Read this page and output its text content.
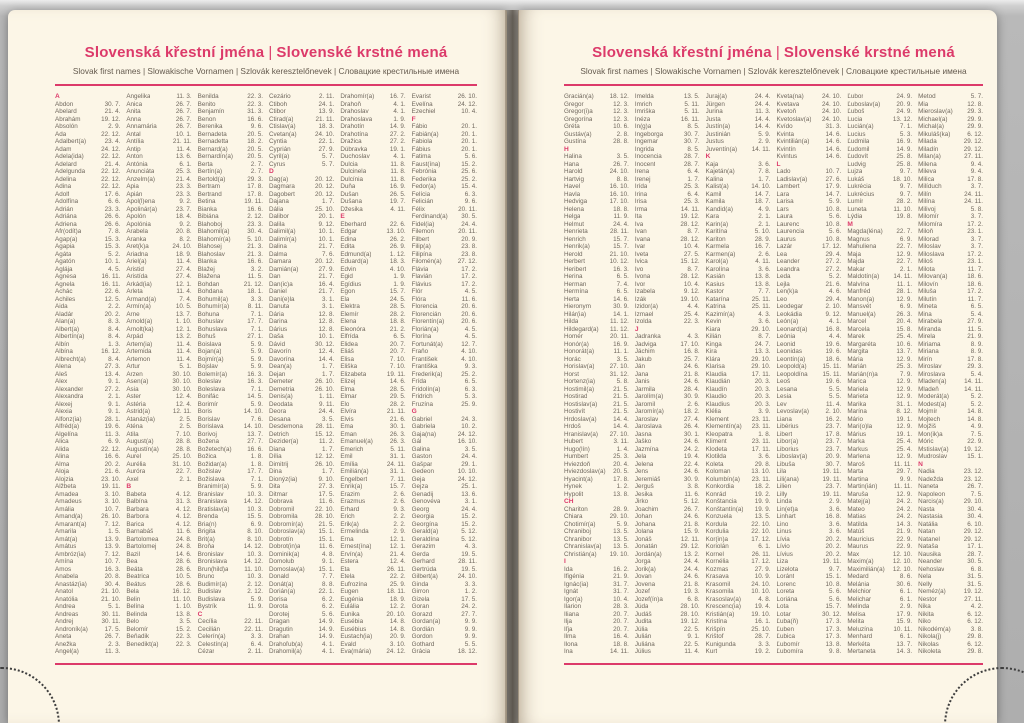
Slovenská křestní jména | Slovenské krstné mená
Slovak first names | Slowakische Vornamen | Szlovák keresztelőnevek | Словацкие крестильные имена
A
Abdon	30. 7.
Abelard	21. 4.
Abrahám	19. 12.
Absolón	2. 9.
Ada	22. 12.
Adalbert(a)	23. 4.
Adam	24. 12.
Adela(ida)	22. 12.
Adelard	21. 4.
Adelgunda	22. 12.
Adelina	22. 12.
Adina	22. 12.
Adolf	17. 6.
Adolfína	6. 6.
Adrián	23. 3.
Adriána	26. 6.
Adriena	26. 6.
Afr(odít)a	7. 8.
Agap(a)	15. 3.
Agapia	15. 3.
Agáta	5. 2.
Agatón	10. 1.
Aglája	4. 5.
Agnesa	16. 11.
Agnela	16. 11.
Achác	22. 6.
Achiles	12. 5.
Aida	2. 2.
Aladár	20. 2.
Alan(a)	8. 3.
Albert(a)	8. 4.
Albertín(a)	8. 4.
Albín	1. 3.
Albína	16. 12.
Albrecht(a)	8. 4.
Alena	27. 3.
Aleš	13. 4.
Alex	9. 1.
Alexander	27. 2.
Alexandra	2. 1.
Alexej	9. 1.
Alexia	9. 1.
Alfonz(ia)	28. 1.
Alfréd(a)	19. 6.
Algelína	11. 3.
Alica	6. 9.
Alida	22. 12.
Alina	16. 6.
Alma	20. 2.
Aloja	21. 6.
Alojzia	23. 10.
Alžbeta	19. 11.
Amadea	3. 10.
Amadeus	3. 10.
Amália	10. 7.
Amand(a)	26. 10.
Amarant(a)	7. 12.
Amarila	1. 5.
Amát(a)	13. 9.
Amátus	13. 9.
Ambróz(ia)	7. 12.
Amína	10. 7.
Amos	16. 3.
Anabela	20. 8.
Anastáz(ia)	30. 4.
Anatol	21. 10.
Anatólia	21. 10.
Andrea	5. 1.
Andreas	30. 11.
Andrej	30. 11.
Androník(a)	17. 5.
Aneta	26. 7.
Anežka	2. 3.
Angel(a)	11. 3.
Angelika	11. 3.
Anica	26. 7.
Anita	26. 7.
Anna	26. 7.
Annamária	26. 7.
Antal	10. 1.
Antília	21. 11.
Antip	11. 4.
Anton	13. 6.
Antónia	6. 1.
Anunciáta	25. 3.
Anzelm(a)	21. 4.
Apia	23. 3.
Apián	23. 3.
Apol(l)ena	9. 2.
Apolinár(a)	23. 7.
Apolón	18. 4.
Apolónia	9. 2.
Arabela	20. 8.
Aranka	8. 2.
Aret(k)a	24. 10.
Ariadna	18. 9.
Ariel(a)	11. 4.
Aristid	27. 4.
Aristída	27. 4.
Arkád(ia)	12. 1.
Arleta	11. 4.
Armand(a)	7. 4.
Armín(a)	10. 5.
Arne	13. 7.
Arnold(a)	1. 10.
Arnolt(ka)	12. 1.
Arpád	13. 2.
Artem(ia)	11. 4.
Artemida	11. 4.
Artemon	11. 4.
Artur	5. 1.
Arzen	30. 10.
Asen(a)	30. 10.
Asia	30. 10.
Aster	12. 4.
Astéria	12. 4.
Astrid(a)	12. 11.
Atanáz(ia)	2. 5.
Aténa	2. 5.
Atila	7. 10.
August(a)	28. 8.
Augustín(a)	28. 8.
Aurel	25. 10.
Aurélia	31. 10.
Auróra	22. 7.
Axel	2. 1.
B
Babeta	4. 12.
Balbína	31. 3.
Barbara	4. 12.
Barbora	4. 12.
Barica	4. 12.
Barnabáš	11. 6.
Bartolomea	24. 8.
Bartolomej	24. 8.
Bazil	14. 6.
Bea	28. 6.
Beáta	28. 6.
Beatrica	10. 5.
Beátus	28. 6.
Bela	16. 12.
Belin	11. 10.
Belína	1. 10.
Belinda	13. 8.
Belo	3. 5.
Belomír	15. 2.
Beňadik	22. 3.
Benedikt(a)	22. 3.
Benilda	22. 3.
Benito	22. 3.
Benjamín	31. 3.
Benon	16. 6.
Berenika	9. 6.
Bernadeta	20. 5.
Bernadetta	18. 2.
Bernard(a)	20. 5.
Bernardín(a)	20. 5.
Berta	2. 7.
Bertín(a)	2. 7.
Bertold(a)	29. 3.
Bertram	17. 8.
Bertrand	17. 8.
Betina	19. 11.
Bianka	16. 6.
Bibiána	2. 12.
Blahoboj	23. 3.
Blahomil(a)	30. 4.
Blahomír(a)	5. 10.
Blahosej	21. 3.
Blahoslav	21. 3.
Blanka	16. 6.
Blažej	3. 2.
Blažena	11. 5.
Bohdan	21. 12.
Bohdana	18. 1.
Bohumil(a)	3. 3.
Bohumír(a)	8. 11.
Bohuna	7. 1.
Bohuslav	17. 7.
Bohuslava	7. 1.
Bohuš	27. 1.
Boislava	5. 9.
Bojan(a)	5. 9.
Bojmír(a)	5. 9.
Bojslav	5. 9.
Bolemír(a)	16. 3.
Boleslav	16. 3.
Boleslava	7. 1.
Bonifác	14. 5.
Borimír	5. 9.
Boris	14. 10.
Borislav	7. 6.
Borislava	14. 10.
Borivoj	13. 7.
Božena	27. 7.
Božetech(a)	16. 6.
Božica	1. 8.
Božidar(a)	1. 8.
Božislav	17. 7.
Božislava	7. 1.
Branimír(a)	5. 9.
Branislav	10. 3.
Branislava	14. 12.
Bratislav(a)	10. 3.
Brenda	15. 5.
Bria(n)	6. 9.
Brigita	8. 10.
Brit(a)	8. 10.
Broňa	14. 12.
Bronislav	10. 3.
Bronislava	14. 12.
Brun(hild)a	11. 10.
Bruno	10. 3.
Budimír(a)	2. 12.
Budislav	2. 12.
Budislava	5. 9.
Bystrík	11. 9.
C
Cecília	22. 11.
Cecilián	22. 11.
Celerín(a)	3. 3.
Celestín(a)	6. 4.
Cézar	2. 11.
Cezário	2. 11.
Ctiboh	24. 1.
Ctibor	13. 9.
Ctirad(a)	21. 11.
Ctislav(a)	18. 3.
Cvetan(a)	24. 10.
Cyntia	22. 1.
Cyprián	27. 9.
Cyril(a)	5. 7.
Cyrus	5. 7.
D
Dag(a)	20. 12.
Dagmara	20. 12.
Dagobert	20. 12.
Dajana	1. 7.
Dália	25. 10.
Dalibor	20. 1.
Dalila	9. 12.
Dalimil(a)	10. 1.
Dalimír(a)	10. 1.
Dalina	21. 7.
Dalma	7. 6.
Damara	20. 12.
Damián(a)	27. 9.
Dan	21. 7.
Dan(ic)a	16. 4.
Daniel	21. 7.
Dani(e)la	3. 1.
Danuta	3. 1.
Dária	12. 8.
Darina	12. 8.
Dárius	12. 8.
Daša	10. 1.
Dávid	30. 12.
Davorín	12. 4.
Davorína	14. 4.
Dean(a)	1. 7.
Dejan	1. 7.
Demeter	26. 10.
Demetria	26. 10.
Denis(a)	1. 11.
Deodata	9. 11.
Deora	24. 4.
Desana	3. 5.
Desdemona	28. 11.
Detrich	15. 12.
Dezider(a)	11. 2.
Diana	1. 7.
Dília	12. 12.
Dimitrij	26. 10.
Dina	1. 7.
Dionýz(ia)	9. 10.
Dita	27. 3.
Ditmar	17. 5.
Dobrava	11. 6.
Dobromil	22. 10.
Dobromila	28. 10.
Dobromír(a)	21. 5.
Dobroslav(a)	15. 1.
Dobrotín	15. 1.
Dobrot(in)a	11. 6.
Dominik(a)	4. 8.
Domolub	9. 1.
Domoslav(a)	15. 1.
Donald	7. 7.
Donát(a)	8. 8.
Dorián(a)	22. 1.
Dorisa	6. 2.
Dorota	6. 2.
Dorotej	5. 6.
Dragan	14. 9.
Dragutin	14. 9.
Drahan	14. 9.
Drahoľub(a)	4. 1.
Drahomil(a)	4. 1.
Drahomír(a)	16. 7.
Drahoň	4. 1.
Drahoslav	4. 1.
Drahoslava	1. 9.
Drahotín	14. 9.
Drahotína	27. 2.
Dražica	27. 2.
Dúbravka	19. 1.
Duchoslav	4. 1.
Dulcia	11. 8.
Dulcinela	11. 8.
Dulcínia	11. 8.
Duňa	16. 9.
Dušan	26. 5.
Dušana	19. 7.
Džesika	4. 11.
E
Eberhard	22. 6.
Edgar	13. 10.
Edina	26. 2.
Edita	26. 9.
Edmund(a)	1. 12.
Eduard(a)	18. 3.
Edvin	4. 10.
Egid	1. 9.
Egídius	1. 9.
Egon	15. 7.
Ela	24. 5.
Elektra	28. 5.
Elemír	28. 2.
Elena	18. 8.
Eleonóra	21. 2.
Elfrída	6. 5.
Elidea	20. 7.
Eliáš	20. 7.
Elisa	7. 10.
Eliška	7. 10.
Elizabeta	19. 11.
Elizej	14. 6.
Elma	28. 5.
Elmar	29. 5.
Elo	28. 2.
Elvíra	21. 11.
Elvis	21. 6.
Ema	30. 1.
Eman	26. 3.
Emanuel(a)	26. 3.
Emerich	5. 11.
Emil	31. 1.
Emília	24. 11.
Emilián(a)	31. 1.
Engelbert	7. 11.
Enrik(a)	15. 7.
Erazim	2. 6.
Erazmus	2. 6.
Erhard	9. 3.
Erich	2. 2.
Erik(a)	2. 2.
Ermelinda	2. 9.
Erna	12. 1.
Ernest(ína)	12. 1.
Ervín(a)	21. 4.
Estera	12. 4.
Eta	26. 11.
Etela	22. 2.
Eufrozína	25. 9.
Eugen	18. 11.
Eugénia	18. 9.
Eulália	12. 2.
Eunika	20. 10.
Eusébia	14. 8.
Eusébius	14. 8.
Eustach(ia)	20. 9.
Evald	3. 10.
Eva(mária)	24. 12.
Evarist	26. 10.
Evelína	24. 12.
Ezechiel	10. 4.
F
Fábio	20. 1.
Fabián(a)	20. 1.
Fabiola	20. 1.
Fábius	20. 1.
Fatima	5. 6.
Faust(ína)	15. 2.
Febrónia	25. 6.
Federika	25. 2.
Fedor(a)	15. 4.
Felícia	6. 3.
Felicián	9. 6.
Félix	20. 11.
Ferdinand(a)	30. 5.
Fidel(ia)	24. 4.
Filemon	20. 11.
Filbert	20. 9.
Filip(a)	23. 8.
Filipína	23. 8.
Filomén(a)	27. 12.
Flávia	17. 2.
Flavián	17. 2.
Flávius	17. 2.
Flór	4. 5.
Flóra	11. 6.
Florencia	20. 6.
Florencián	20. 6.
Florentín(a)	20. 6.
Florián(a)	4. 5.
Florína	4. 5.
Fortunát(a)	12. 7.
Fraňo	4. 10.
František	4. 10.
Františka	9. 3.
Frederik(a)	25. 2.
Frída	6. 5.
Fridolín(a)	6. 3.
Fridrich	5. 3.
Fruzína	25. 9.
G
Gabriel	24. 3.
Gabriela	10. 2.
Gaja(na)	24. 12.
Gál	16. 10.
Galina	3. 5.
Gaston	24. 4.
Gašpar	29. 1.
Gedeon	10. 10.
Geja	24. 12.
Gejza	25. 1.
Genadij	13. 6.
Genovéva	3. 1.
Georg	24. 4.
Georgia	15. 2.
Georgína	15. 2.
Gerald(a)	5. 12.
Geraldína	5. 12.
Gerazim	4. 3.
Gerda	19. 5.
Gerhard	28. 11.
Gertrúda	19. 5.
Gilbert(a)	24. 10.
Ginda	3. 3.
Girron	1. 2.
Gizela	17. 5.
Goran	24. 2.
Gorazd	27. 7.
Gordan(a)	9. 9.
Gordián	9. 9.
Gordon	9. 9.
Gothard	5. 5.
Grácia	18. 12.
Slovenská křestní jména | Slovenské krstné mená
Slovak first names | Slowakische Vornamen | Szlovák keresztelőnevek | Словацкие крестильные имена
Gracián(a)	18. 12.
Gregor	12. 3.
Gregor(i)a	12. 3.
Gregorína	12. 3.
Gréta	10. 6.
Gustáv(a)	2. 8.
Gustína	28. 8.
H
Halina	3. 5.
Hana	26. 7.
Harold	24. 10.
Hartvig	8. 8.
Havel	16. 10.
Havla	16. 10.
Hedviga	17. 10.
Helena	18. 8.
Helga	11. 9.
Helmut	24. 4.
Henrieta	28. 11.
Henrich	15. 7.
Henrik(a)	15. 7.
Herold	21. 10.
Herbert	10. 12.
Heribert	16. 3.
Herina	6. 5.
Herman	7. 4.
Hermína	6. 5.
Herta	14. 6.
Hieronym	30. 9.
Hilár(ia)	14. 1.
Hilda	11. 12.
Hildegard(a)	11. 12.
Homér	20. 11.
Honór(a)	16. 9.
Honorát(a)	11. 1.
Horác	3. 5.
Horislav(a)	27. 10.
Horst	31. 12.
Hortenz(ia)	5. 8.
Hostimil(a)	21. 5.
Hostirad	21. 5.
Hostislav(a)	21. 5.
Hostivít	21. 5.
Hrdoslav(a)	14. 4.
Hrdoš	14. 4.
Hranislav(a)	27. 10.
Hubert	3. 11.
Hugo(lín)	1. 4.
Humbert	25. 3.
Hviezdoň	20. 4.
Hviezdoslav(a)	20. 5.
Hyacint(a)	17. 8.
Hynek	1. 2.
Hypolit	13. 8.
CH
Chariton	28. 9.
Chiara	29. 10.
Chotimír(a)	5. 9.
Chraniboj	13. 5.
Chranibor	13. 5.
Chranislav(a)	13. 5.
Christián(a)	19. 10.
I
Ida	16. 2.
Ifigénia	21. 9.
Ignác(ia)	31. 7.
Ignát	31. 7.
Igor(a)	10. 4.
Ilarion	28. 3.
Iliana	20. 7.
Ilja	20. 7.
Iľja	20. 7.
Ilma	16. 4.
Ilona	18. 8.
Ina	14. 11.
Imelda	13. 5.
Imrich	5. 11.
Imriška	5. 11.
Inéza	16. 11.
In(g)a	8. 5.
Ingeborga	30. 7.
Ingemar	30. 7.
Ingrida	8. 5.
Inocencia	28. 7.
Inocent	28. 7.
Irena	6. 4.
Irenej	1. 7.
Irída	25. 3.
Irina	6. 4.
Irisa	25. 3.
Irma	14. 11.
Ita	19. 12.
Iva	28. 12.
Ivan	8. 7.
Ivana	28. 12.
Ivar	10. 4.
Iveta	27. 5.
Ivica	15. 12.
Ivo	8. 7.
Ivona	28. 12.
Ivor	10. 4.
Izabela	9. 12.
Izák	19. 10.
Izidor(a)	4. 4.
Izmael	25. 4.
Izolda	22. 3.
J
Jadranka	4. 3.
Jadviga	17. 10.
Jáchim	16. 8.
Jakub	25. 7.
Ján	24. 6.
Jana	21. 8.
Janis	24. 6.
Jarmila	28. 4.
Jarolím(a)	30. 9.
Jaromil	2. 6.
Jaromír(a)	18. 2.
Jaroslav	27. 4.
Jaroslava	26. 4.
Jasna	30. 1.
Jaško	24. 6.
Jazmína	24. 2.
Jela	19. 4.
Jelena	22. 4.
Jens	24. 6.
Jeremiáš	30. 9.
Jerguš	3. 8.
Jesika	11. 6.
Jirko	5. 12.
Joachim	26. 7.
Johan	24. 6.
Johana	21. 8.
Jolana	15. 9.
Jonáš	12. 11.
Jonatán	29. 12.
Jordán(a)	13. 2.
Jorga	24. 4.
Jorik(a)	24. 4.
Jovan	24. 6.
Jovena	21. 8.
Jozef	19. 3.
Jozef(ín)a	6. 8.
Júda	28. 10.
Judáš	28. 10.
Judita	19. 12.
Júlia	22. 5.
Julián	9. 1.
Juliána	22. 5.
Július	11. 4.
Juraj(a)	24. 4.
Jürgen	24. 4.
Jurina	11. 3.
Justa	14. 4.
Justín(a)	14. 4.
Justinián	5. 9.
Justus	2. 9.
Juventín(a)	14. 11.
K
Kaja	3. 6.
Kajetán(a)	7. 8.
Kalina	1. 7.
Kalist(a)	14. 10.
Kamil	14. 7.
Kamila	18. 7.
Kandid(a)	4. 9.
Kara	2. 1.
Karin(a)	2. 1.
Karitína	5. 10.
Kariton	28. 9.
Karmela	16. 7.
Karmen(a)	2. 6.
Karol(a)	4. 11.
Karolína	3. 6.
Kasián	13. 8.
Kasius	13. 8.
Kastor	7. 7.
Katarína	25. 11.
Katrina	25. 11.
Kazimír(a)	4. 3.
Kevin	3. 6.
Kiara	29. 10.
Kilián	8. 7.
Kinga	24. 7.
Kira	13. 3.
Klára	29. 10.
Klarisa	29. 10.
Klaudia	17. 11.
Klaudián	20. 3.
Klaudín	20. 3.
Klaudio	20. 3.
Klaudius	20. 3.
Klélia	3. 9.
Klement	23. 11.
Klementín(a)	23. 11.
Kleopatra	1. 8.
Kliment	23. 11.
Klodeta	17. 11.
Klotilda	3. 6.
Koleta	29. 8.
Koloman	13. 10.
Kolumbín(a)	23. 11.
Konkordia	18. 2.
Konrád	19. 2.
Konštancia	19. 9.
Konštantín(a)	19. 9.
Konzuela	13. 5.
Kordula	22. 10.
Kordulia	22. 10.
Kor(in)a	17. 12.
Koriolán	6. 1.
Kornel	26. 11.
Kornélia	17. 12.
Kozmas	27. 9.
Krasava	10. 9.
Krasomil	24. 10.
Krasomila	10. 10.
Krasoslav(a)	4. 8.
Krescenc(ia)	19. 4.
Kristián(a)	19. 10.
Kristína	16. 1.
Krišpín	25. 10.
Krištof	28. 7.
Kunigunda	3. 3.
Kurt	19. 2.
Kveta(na)	24. 10.
Kvetava	24. 10.
Kvetoň	24. 10.
Kvetoslav(a)	24. 10.
Kvído	31. 3.
Kvinta	14. 6.
Kvintilián(a)	14. 6.
Kvintín	14. 6.
Kvintus	14. 6.
L
Lado	10. 7.
Ladislav(a)	27. 6.
Lambert	17. 9.
Lara	14. 7.
Larisa	5. 9.
Lars	10. 8.
Laura	5. 6.
Laurenc	10. 8.
Laurencia	5. 6.
Laurus	10. 8.
Lazár	17. 12.
Lea	29. 4.
Leander	27. 2.
Leandra	27. 2.
Leda	5. 2.
Lejla	21. 6.
Len(k)a	4. 6.
Leo	29. 4.
Leodegar	2. 10.
Leokádia	9. 12.
León(a)	4. 1.
Leonard(a)	16. 8.
Leónia	4. 4.
Leonid	19. 6.
Leonidas	19. 6.
Leontín(a)	18. 6.
Leopold(a)	15. 11.
Leopoldína	15. 11.
Leoš	19. 6.
Lesana	5. 5.
Lesia	5. 5.
Lev	11. 4.
Levoslav(a)	2. 10.
Liana	16. 2.
Libérius	23. 7.
Libert	17. 8.
Libor(a)	23. 7.
Liborius	23. 7.
Liboslav(a)	20. 9.
Libuša	30. 7.
Lila	19. 11.
Lili(ana)	19. 11.
Lilien	23. 7.
Lilly	19. 11.
Linda	2. 9.
Lin(et)a	3. 6.
Linhart	16. 8.
Lino	3. 6.
Linus	3. 6.
Lívia	20. 2.
Lívio	20. 2.
Lívius	20. 2.
Liza	19. 11.
Lizelota	9. 7.
Loránt	15. 1.
Lorenc	10. 8.
Loreta	5. 6.
Loriána	5. 6.
Lota	15. 7.
Lotar	30. 12.
Ľuba(ň)	17. 3.
Ľuben	17. 3.
Ľubica	17. 3.
Ľubomír	13. 8.
Ľubomíra	9. 8.
Ľubor	24. 9.
Ľuboslav(a)	20. 9.
Ľuboš	24. 9.
Lucia	13. 12.
Lucián(a)	7. 1.
Lucius	5. 3.
Ľudmila	16. 9.
Ľudomil	14. 9.
Ľudovít	25. 8.
Ludvig	25. 8.
Lujza	9. 7.
Lukáš	18. 10.
Lukrécia	9. 7.
Lukrécius	9. 7.
Lumír	28. 2.
Luneta	11. 10.
Lýdia	19. 8.
M
Magda(léna)	22. 7.
Magnus	6. 9.
Mahuliena	22. 7.
Maja	12. 9.
Majda	22. 7.
Makar	2. 1.
Maldotín(a)	14. 11.
Malvína	11. 1.
Manfréd	28. 1.
Manon(a)	12. 9.
Mansvét	6. 9.
Manuel(a)	26. 3.
Marcel	20. 4.
Marcela	15. 8.
Marek	25. 4.
Margaréta	10. 6.
Margita	13. 7.
Mária	12. 9.
Marián	25. 3.
Marián(n)a	7. 9.
Marica	12. 9.
Mariela	12. 9.
Marieta	12. 9.
Marika	31. 1.
Marína	8. 12.
Mário	19. 1.
Mari(o)la	12. 9.
Márius	19. 1.
Marka	25. 4.
Markus	25. 4.
Marlena	12. 9.
Maroš	11. 11.
Marta	29. 7.
Martina	9. 9.
Martin(ián)	11. 11.
Maruša	12. 9.
Matej(a)	24. 2.
Mateo	24. 2.
Matias	24. 2.
Matilda	14. 3.
Matúš	21. 9.
Mauricius	22. 9.
Maurus	22. 9.
Max	12. 10.
Maxim(a)	12. 10.
Maximilián(a)	12. 10.
Medard	8. 6.
Melánia	30. 6.
Melchior	6. 1.
Melichar	6. 1.
Melinda	2. 9.
Melisa	17. 9.
Melita	15. 9.
Meluzína	10. 11.
Menhard	6. 1.
Merkéta	13. 7.
Mertaneta	14. 3.
Metod	5. 7.
Mia	12. 8.
Mieroslav(a)	29. 3.
Michael(a)	29. 9.
Michal(a)	29. 9.
Mikuláš(ka)	6. 12.
Milada	29. 12.
Miladín	29. 12.
Milan(a)	27. 11.
Milena	9. 4.
Mileva	9. 4.
Milica	17. 8.
Milíduch	3. 7.
Milín	24. 11.
Milína	24. 11.
Milivoj	5. 8.
Milomír	3. 7.
Milomíra	17. 2.
Miloň	23. 1.
Milorad	3. 7.
Miloslav	3. 7.
Miloslava	17. 2.
Miloš	23. 1.
Milota	11. 7.
Milovan(a)	18. 6.
Milovín	18. 6.
Miluša	17. 2.
Milutín	11. 7.
Mineta	6. 5.
Mina	5. 4.
Mirabela	27. 9.
Miranda	11. 5.
Mirela	21. 9.
Miriama	8. 9.
Miriana	8. 9.
Mirín	17. 8.
Miroslav	29. 3.
Miroslava	5. 4.
Mladen(a)	14. 11.
Mladeň	14. 11.
Moderát(a)	5. 2.
Modest(a)	5. 2.
Mojmír	14. 8.
Mojtech	14. 8.
Mojžiš	4. 9.
Mon(ik)a	7. 5.
Móric	22. 9.
Mstislav(a)	19. 12.
Mudroslav	15. 1.
N
Nadia	23. 12.
Nadežda	23. 12.
Naneta	26. 7.
Napoleon	7. 5.
Narcis(a)	29. 10.
Nasta	30. 4.
Nastasia	30. 4.
Natália	6. 10.
Natan	29. 12.
Natanel	29. 12.
Nataša	17. 1.
Nausika	28. 7.
Neander	30. 5.
Nehoslav	6. 8.
Nela	31. 5.
Nelly	31. 5.
Neméz(a)	19. 12.
Nestor	27. 11.
Nika	4. 2.
Nikita	6. 12.
Niko	6. 12.
Nikodém(a)	3. 8.
Nikola(j)	29. 8.
Nikolas	6. 12.
Nikoleta	29. 8.
